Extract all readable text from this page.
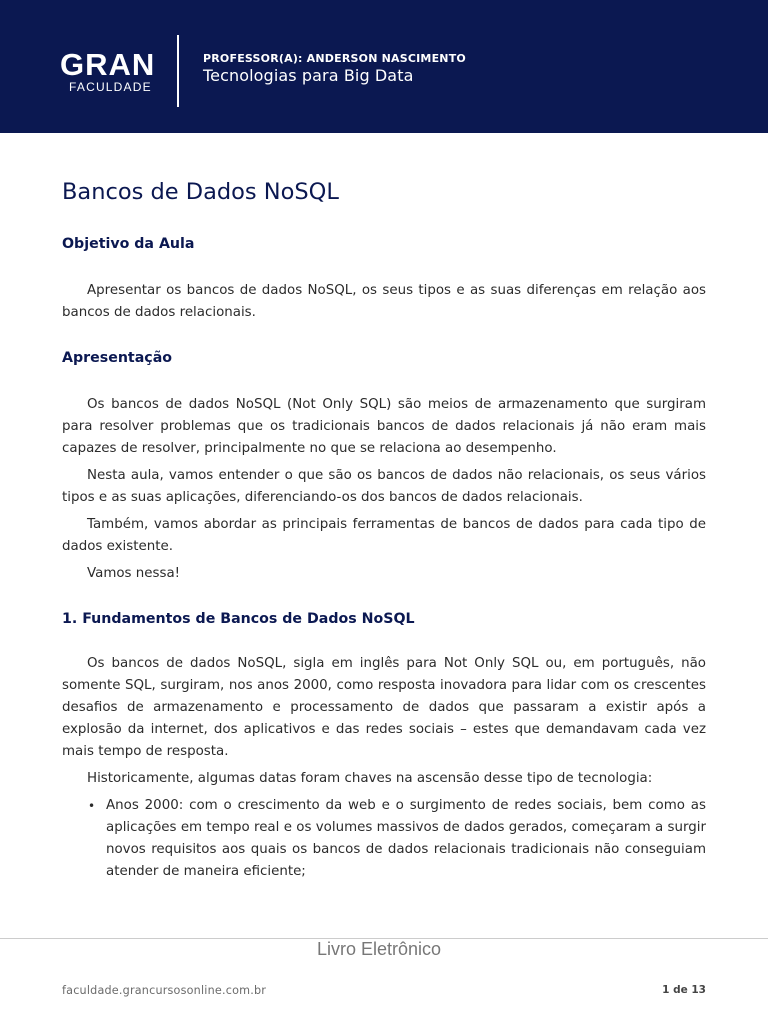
GRAN
FACULDADE
PROFESSOR(A): ANDERSON NASCIMENTO
Tecnologias para Big Data
Bancos de Dados NoSQL
Objetivo da Aula

Apresentar os bancos de dados NoSQL, os seus tipos e as suas diferenças em relação aos bancos de dados relacionais.

Apresentação

Os bancos de dados NoSQL (Not Only SQL) são meios de armazenamento que surgiram para resolver problemas que os tradicionais bancos de dados relacionais já não eram mais capazes de resolver, principalmente no que se relaciona ao desempenho.

Nesta aula, vamos entender o que são os bancos de dados não relacionais, os seus vários tipos e as suas aplicações, diferenciando-os dos bancos de dados relacionais.

Também, vamos abordar as principais ferramentas de bancos de dados para cada tipo de dados existente.

Vamos nessa!

1. Fundamentos de Bancos de Dados NoSQL

Os bancos de dados NoSQL, sigla em inglês para Not Only SQL ou, em português, não somente SQL, surgiram, nos anos 2000, como resposta inovadora para lidar com os crescentes desafios de armazenamento e processamento de dados que passaram a existir após a explosão da internet, dos aplicativos e das redes sociais – estes que demandavam cada vez mais tempo de resposta.

Historicamente, algumas datas foram chaves na ascensão desse tipo de tecnologia:

• Anos 2000: com o crescimento da web e o surgimento de redes sociais, bem como as aplicações em tempo real e os volumes massivos de dados gerados, começaram a surgir novos requisitos aos quais os bancos de dados relacionais tradicionais não conseguiam atender de maneira eficiente;
Livro Eletrônico
faculdade.grancursosonline.com.br	1 de 13
